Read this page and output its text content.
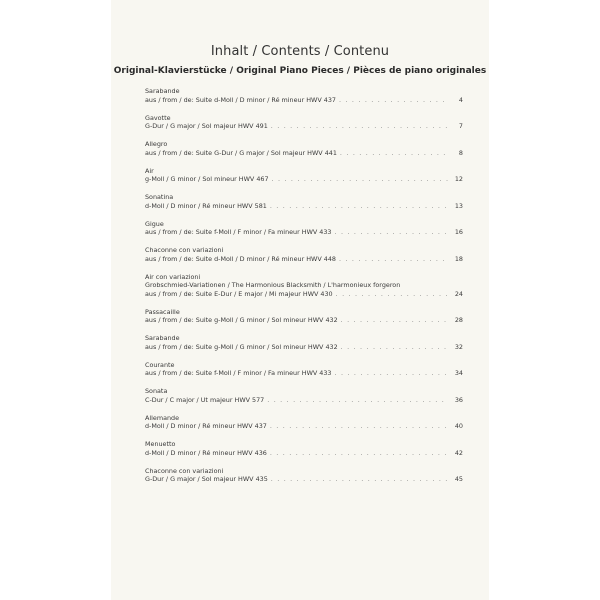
Inhalt / Contents / Contenu
Original-Klavierstücke / Original Piano Pieces / Pièces de piano originales
Sarabande
aus / from / de: Suite d-Moll / D minor / Ré mineur HWV 437 . . .	4
Gavotte
G-Dur / G major / Sol majeur HWV 491 . . .	7
Allegro
aus / from / de: Suite G-Dur / G major / Sol majeur HWV 441 . . .	8
Air
g-Moll / G minor / Sol mineur HWV 467 . . .	12
Sonatina
d-Moll / D minor / Ré mineur HWV 581 . . .	13
Gigue
aus / from / de: Suite f-Moll / F minor / Fa mineur HWV 433 . . .	16
Chaconne con variazioni
aus / from / de: Suite d-Moll / D minor / Ré mineur HWV 448 . . .	18
Air con variazioni
Grobschmied-Variationen / The Harmonious Blacksmith / L'harmonieux forgeron
aus / from / de: Suite E-Dur / E major / Mi majeur HWV 430 . . .	24
Passacaille
aus / from / de: Suite g-Moll / G minor / Sol mineur HWV 432 . . .	28
Sarabande
aus / from / de: Suite g-Moll / G minor / Sol mineur HWV 432 . . .	32
Courante
aus / from / de: Suite f-Moll / F minor / Fa mineur HWV 433 . . .	34
Sonata
C-Dur / C major / Ut majeur HWV 577 . . .	36
Allemande
d-Moll / D minor / Ré mineur HWV 437 . . .	40
Menuetto
d-Moll / D minor / Ré mineur HWV 436 . . .	42
Chaconne con variazioni
G-Dur / G major / Sol majeur HWV 435 . . .	45
